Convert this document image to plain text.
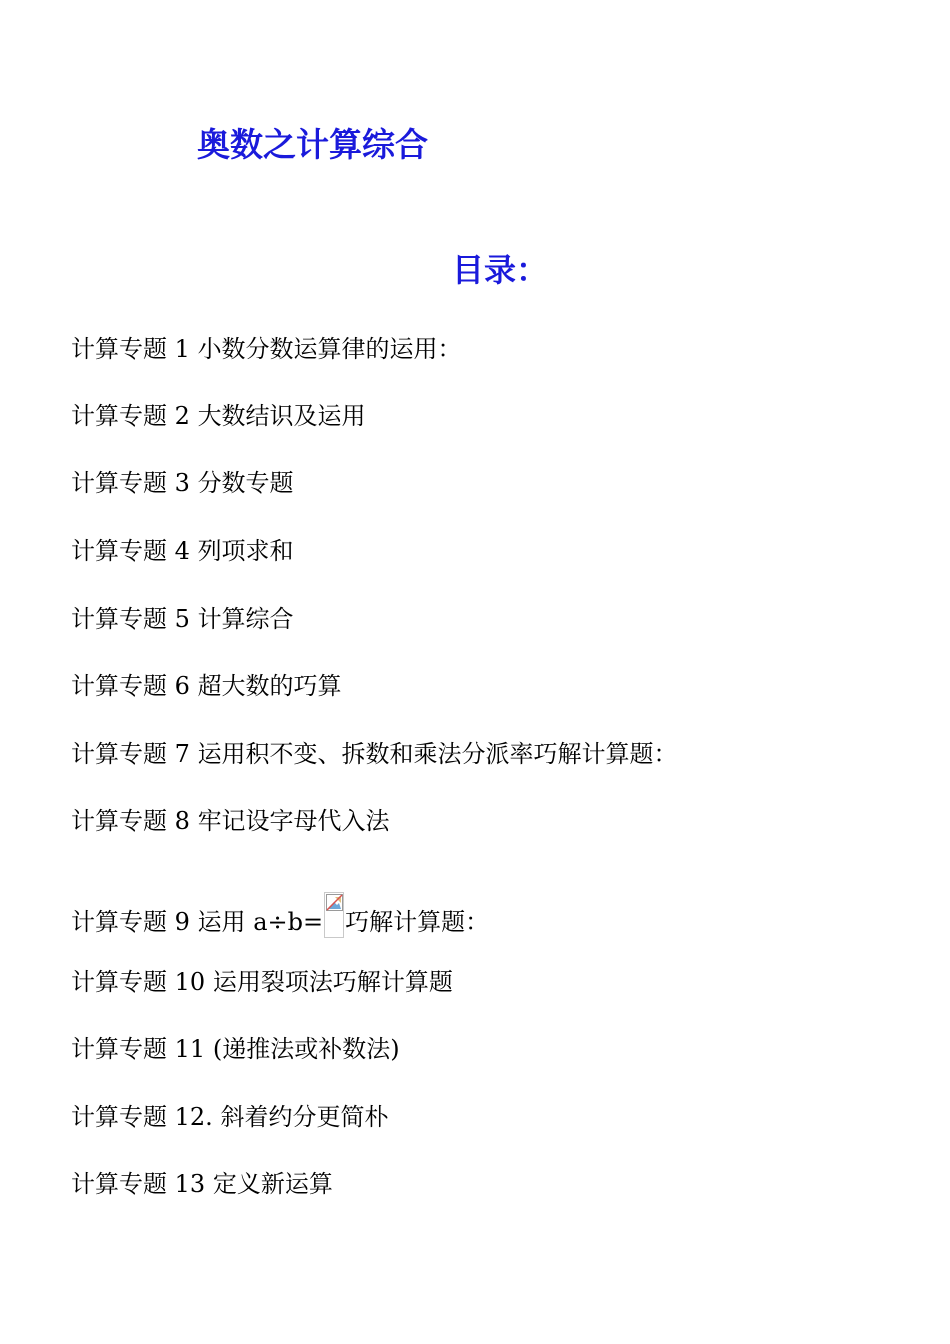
奥数之计算综合
目录：
计算专题 1 小数分数运算律的运用：
计算专题 2 大数结识及运用
计算专题 3 分数专题
计算专题 4 列项求和
计算专题 5 计算综合
计算专题 6 超大数的巧算
计算专题 7 运用积不变、拆数和乘法分派率巧解计算题：
计算专题 8 牢记设字母代入法
计算专题 9 运用 a÷b= 巧解计算题：
计算专题 10 运用裂项法巧解计算题
计算专题 11 (递推法或补数法)
计算专题 12. 斜着约分更简朴
计算专题 13 定义新运算
